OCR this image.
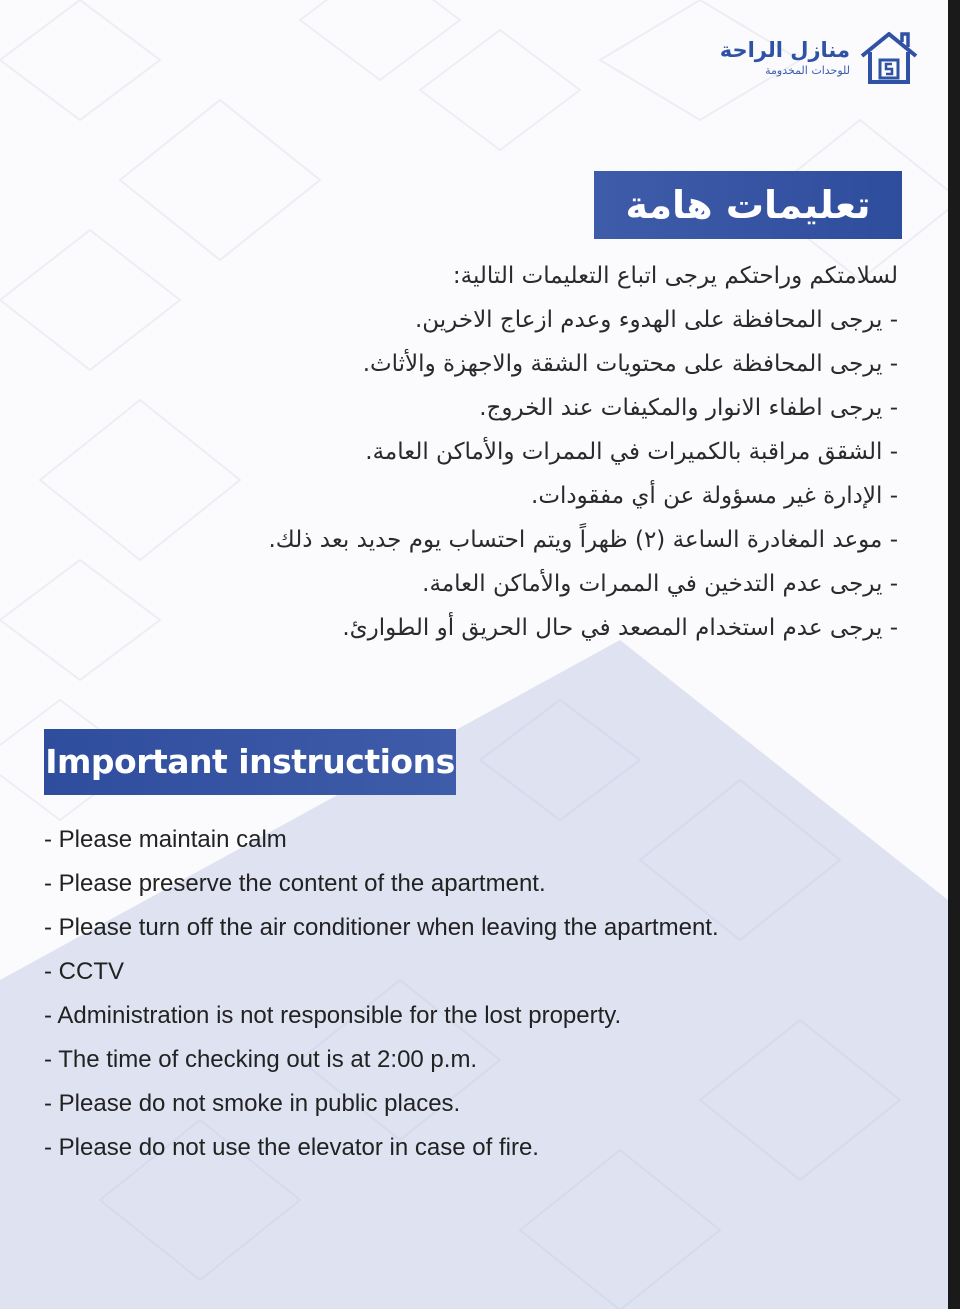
منازل الراحة
للوحدات المخدومة
تعليمات هامة
لسلامتكم وراحتكم يرجى اتباع التعليمات التالية:
- يرجى المحافظة على الهدوء وعدم ازعاج الاخرين.
- يرجى المحافظة على محتويات الشقة والاجهزة والأثاث.
- يرجى اطفاء الانوار والمكيفات عند الخروج.
- الشقق مراقبة بالكميرات في الممرات والأماكن العامة.
- الإدارة غير مسؤولة عن أي مفقودات.
- موعد المغادرة الساعة (٢) ظهراً ويتم احتساب يوم جديد بعد ذلك.
- يرجى عدم التدخين في الممرات والأماكن العامة.
- يرجى عدم استخدام المصعد في حال الحريق أو الطوارئ.
Important instructions
- Please maintain calm
- Please preserve the content of the apartment.
- Please turn off the air conditioner when leaving the apartment.
- CCTV
- Administration is not responsible for the lost property.
- The time of checking out is at 2:00 p.m.
- Please do not smoke in public places.
- Please do not use the elevator in case of fire.
